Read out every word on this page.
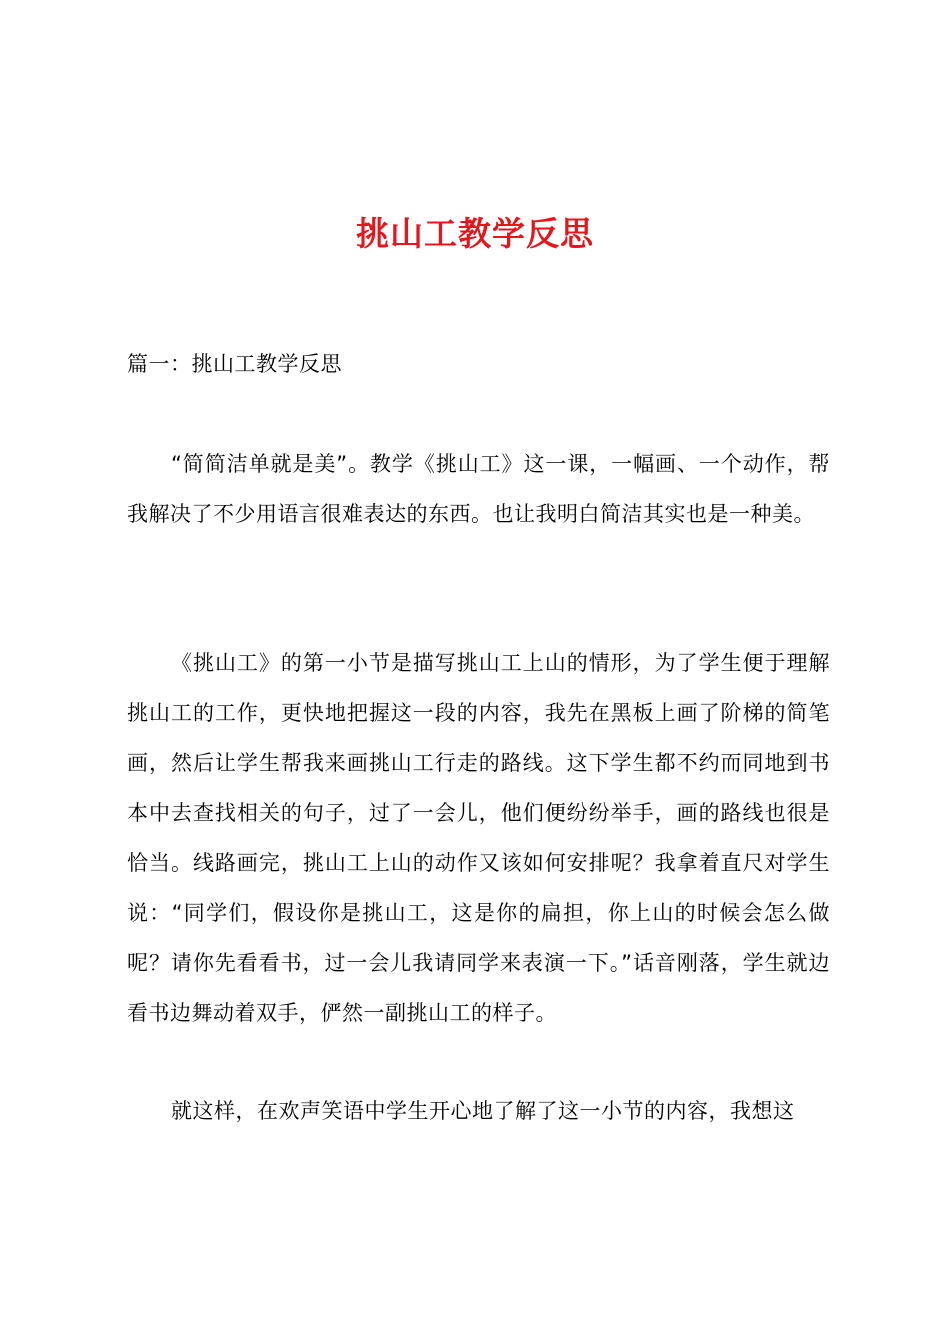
挑山工教学反思
篇一：挑山工教学反思
“简简洁单就是美”。教学《挑山工》这一课，一幅画、一个动作，帮我解决了不少用语言很难表达的东西。也让我明白简洁其实也是一种美。
《挑山工》的第一小节是描写挑山工上山的情形，为了学生便于理解挑山工的工作，更快地把握这一段的内容，我先在黑板上画了阶梯的简笔画，然后让学生帮我来画挑山工行走的路线。这下学生都不约而同地到书本中去查找相关的句子，过了一会儿，他们便纷纷举手，画的路线也很是恰当。线路画完，挑山工上山的动作又该如何安排呢？我拿着直尺对学生说：“同学们，假设你是挑山工，这是你的扁担，你上山的时候会怎么做呢？请你先看看书，过一会儿我请同学来表演一下。”话音刚落，学生就边看书边舞动着双手，俨然一副挑山工的样子。
就这样，在欢声笑语中学生开心地了解了这一小节的内容，我想这
